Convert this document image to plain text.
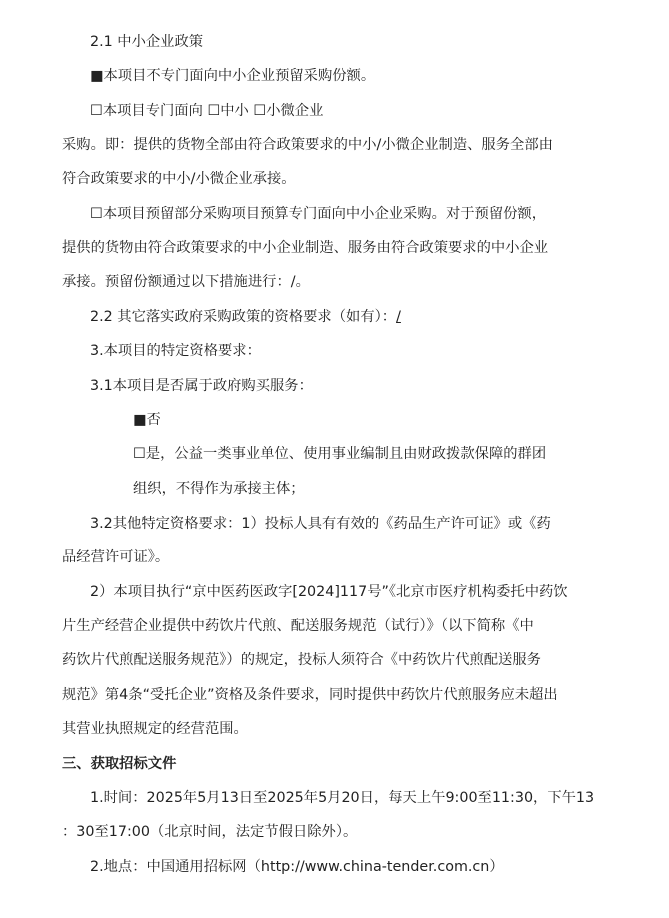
2.1 中小企业政策
■本项目不专门面向中小企业预留采购份额。
☐本项目专门面向 ☐中小 ☐小微企业
采购。即：提供的货物全部由符合政策要求的中小/小微企业制造、服务全部由
符合政策要求的中小/小微企业承接。
☐本项目预留部分采购项目预算专门面向中小企业采购。对于预留份额，
提供的货物由符合政策要求的中小企业制造、服务由符合政策要求的中小企业
承接。预留份额通过以下措施进行：/。
2.2 其它落实政府采购政策的资格要求（如有）：/
3.本项目的特定资格要求：
3.1本项目是否属于政府购买服务：
■否
☐是，公益一类事业单位、使用事业编制且由财政拨款保障的群团
组织，不得作为承接主体；
3.2其他特定资格要求：1）投标人具有有效的《药品生产许可证》或《药
品经营许可证》。
2）本项目执行“京中医药医政字[2024]117号”《北京市医疗机构委托中药饮
片生产经营企业提供中药饮片代煎、配送服务规范（试行）》（以下简称《中
药饮片代煎配送服务规范》）的规定，投标人须符合《中药饮片代煎配送服务
规范》第4条“受托企业”资格及条件要求，同时提供中药饮片代煎服务应未超出
其营业执照规定的经营范围。
三、获取招标文件
1.时间：2025年5月13日至2025年5月20日，每天上午9:00至11:30，下午13
：30至17:00（北京时间，法定节假日除外）。
2.地点：中国通用招标网（http://www.china-tender.com.cn）
